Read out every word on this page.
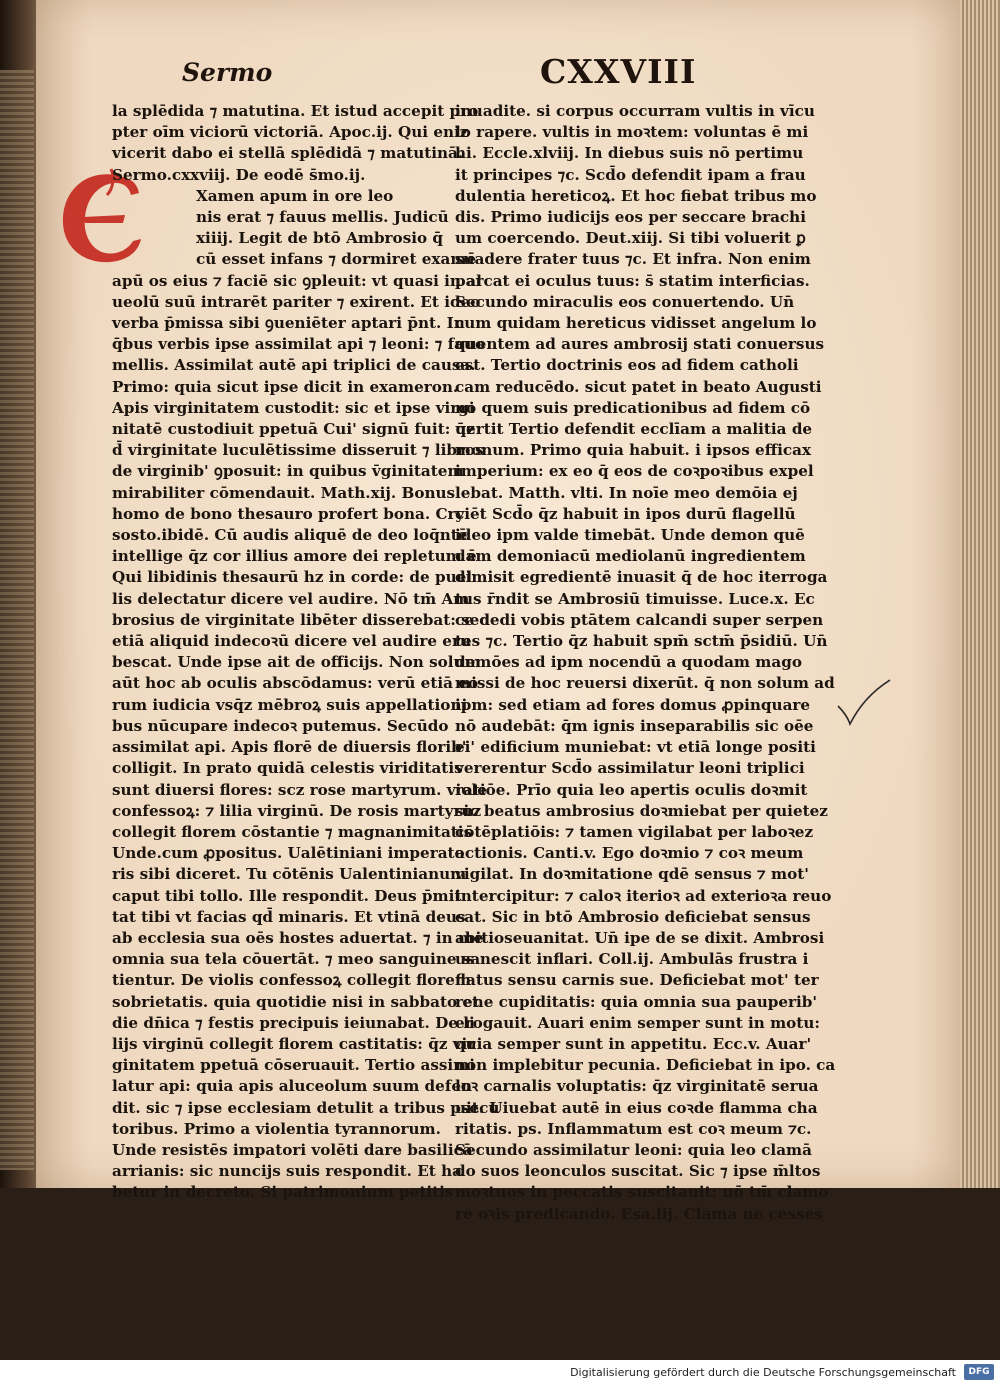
Sermo	CXXVIII
la splēdida ⁊ matutina. Et istud accepit pro
pter oīm viciorū victoriā. Apoc.ij. Qui eniz
vicerit dabo ei stellā splēdidā ⁊ matutinā.
Sermo.cxxviij. De eodē s̄mo.ij.
Xamen apum in ore leo
nis erat ⁊ fauus mellis. Judicū
xiiij. Legit de btō Ambrosio q̄
cū esset infans ⁊ dormiret examē
apū os eius ⁊ faciē sic ꝯpleuit: vt quasi in al
ueolū suū intrarēt pariter ⁊ exirent. Et ideo
verba p̄missa sibi ꝯueniēter aptari p̄nt. In
q̄bus verbis ipse assimilat api ⁊ leoni: ⁊ fauo
mellis. Assimilat autē api triplici de causa.
Primo: quia sicut ipse dicit in exameron.
Apis virginitatem custodit: sic et ipse virgi
nitatē custodiuit ppetuā Cui' signū fuit: q̄z
d̄ virginitate luculētissime disseruit ⁊ libros
de virginib' ꝯposuit: in quibus v̄ginitatem
mirabiliter cōmendauit. Math.xij. Bonus
homo de bono thesauro profert bona. Cry
sosto.ibidē. Cū audis aliquē de deo loq̄ntē
intellige q̄z cor illius amore dei repletum ē
Qui libidinis thesaurū hz in corde: de puel
lis delectatur dicere vel audire. Nō tm̄ Am
brosius de virginitate libēter disserebat: sed
etiā aliquid indecoꝛū dicere vel audire eru
bescat. Unde ipse ait de officijs. Non solum
aūt hoc ab oculis abscōdamus: verū etiā eo
rum iudicia vsq̄z mēbroꝝ suis appellationi
bus nūcupare indecoꝛ putemus. Secūdo
assimilat api. Apis florē de diuersis florib'
colligit. In prato quidā celestis viriditatis
sunt diuersi flores: scz rose martyrum. viole
confessoꝝ: ⁊ lilia virginū. De rosis martyruz
collegit florem cōstantie ⁊ magnanimitatis
Unde.cum ꝓpositus. Ualētiniani imperato
ris sibi diceret. Tu cōtēnis Ualentinianum
caput tibi tollo. Ille respondit. Deus p̄mit
tat tibi vt facias qd̄ minaris. Et vtinā deus
ab ecclesia sua oēs hostes aduertat. ⁊ in me
omnia sua tela cōuertāt. ⁊ meo sanguine sa
tientur. De violis confessoꝝ collegit florem
sobrietatis. quia quotidie nisi in sabbato et
die dn̄ica ⁊ festis precipuis ieiunabat. De li
lijs virginū collegit florem castitatis: q̄z vir
ginitatem ppetuā cōseruauit. Tertio assimi
latur api: quia apis aluceolum suum defen
dit. sic ⁊ ipse ecclesiam detulit a tribus psecu
toribus. Primo a violentia tyrannorum.
Unde resistēs impatori volēti dare basilicā
arrianis: sic nuncijs suis respondit. Et ha
betur in decreto. Si patrimonium petitis
inuadite. si corpus occurram vultis in vīcu
lo rapere. vultis in moꝛtem: voluntas ē mi
hi. Eccle.xlviij. In diebus suis nō pertimu
it principes ⁊c. Scd̄o defendit ipam a frau
dulentia hereticoꝝ. Et hoc fiebat tribus mo
dis. Primo iudicijs eos per seccare brachi
um coercendo. Deut.xiij. Si tibi voluerit ꝑ
suadere frater tuus ⁊c. Et infra. Non enim
parcat ei oculus tuus: s̄ statim interficias.
Secundo miraculis eos conuertendo. Un̄
cum quidam hereticus vidisset angelum lo
quentem ad aures ambrosij stati conuersus
est. Tertio doctrinis eos ad fidem catholi
cam reducēdo. sicut patet in beato Augusti
no quem suis predicationibus ad fidem cō
uertit Tertio defendit ecclīam a malitia de
monum. Primo quia habuit. i ipsos efficax
imperium: ex eo q̄ eos de coꝛpoꝛibus expel
lebat. Matth. vlti. In noīe meo demōia ej
ciēt Scd̄o q̄z habuit in ipos durū flagellū
ideo ipm valde timebāt. Unde demon quē
dam demoniacū mediolanū ingredientem
dimisit egredientē inuasit q̄ de hoc iterroga
tus r̄ndit se Ambrosiū timuisse. Luce.x. Ec
ce dedi vobis ptātem calcandi super serpen
tes ⁊c. Tertio q̄z habuit spm̄ sctm̄ p̄sidiū. Un̄
demōes ad ipm nocendū a quodam mago
missi de hoc reuersi dixerūt. q̄ non solum ad
ipm: sed etiam ad fores domus ꝓpinquare
nō audebāt: q̄m ignis inseparabilis sic oēe
ei' edificium muniebat: vt etiā longe positi
vererentur Scd̄o assimilatur leoni triplici
ratiōe. Prīo quia leo apertis oculis doꝛmit
sic beatus ambrosius doꝛmiebat per quietez
cōtēplatiōis: ⁊ tamen vigilabat per laboꝛez
actionis. Canti.v. Ego doꝛmio ⁊ coꝛ meum
vigilat. In doꝛmitatione qdē sensus ⁊ mot'
intercipitur: ⁊ caloꝛ iterioꝛ ad exterioꝛa reuo
cat. Sic in btō Ambrosio deficiebat sensus
abitioseuanitat. Un̄ ipe de se dixit. Ambrosi
us nescit inflari. Coll.ij. Ambulās frustra i
flatus sensu carnis sue. Deficiebat mot' ter
rene cupiditatis: quia omnia sua pauperib'
erogauit. Auari enim semper sunt in motu:
quia semper sunt in appetitu. Ecc.v. Auar'
non implebitur pecunia. Deficiebat in ipo. ca
loꝛ carnalis voluptatis: q̄z virginitatē serua
uit. Uiuebat autē in eius coꝛde flamma cha
ritatis. ps. Inflammatum est coꝛ meum ⁊c.
Secundo assimilatur leoni: quia leo clamā
do suos leonculos suscitat. Sic ⁊ ipse m̄ltos
moꝛtuos in peccatis suscitauit: nō tm̄ clamo
re oꝛis predicando. Esa.lij. Clama ne cesses
Digitalisierung gefördert durch die Deutsche Forschungsgemeinschaft	DFG
